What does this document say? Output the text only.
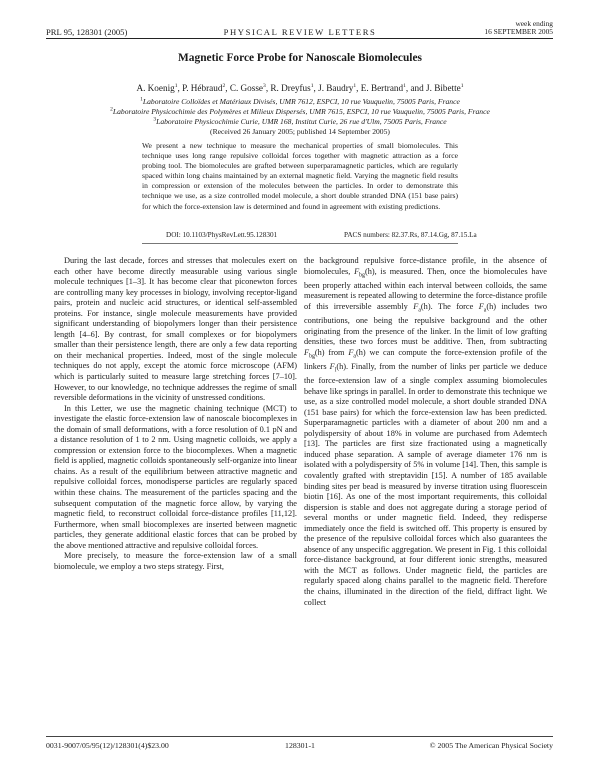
PRL 95, 128301 (2005)	PHYSICAL REVIEW LETTERS
week ending
16 SEPTEMBER 2005
Magnetic Force Probe for Nanoscale Biomolecules
A. Koenig$^1$, P. Hébraud$^2$, C. Gosse$^3$, R. Dreyfus$^1$, J. Baudry$^1$, E. Bertrand$^1$, and J. Bibette$^1$
$^1$Laboratoire Colloïdes et Matériaux Divisés, UMR 7612, ESPCI, 10 rue Vauquelin, 75005 Paris, France
$^2$Laboratoire Physicochimie des Polymères et Milieux Dispersés, UMR 7615, ESPCI, 10 rue Vauquelin, 75005 Paris, France
$^3$Laboratoire Physicochimie Curie, UMR 168, Institut Curie, 26 rue d'Ulm, 75005 Paris, France
(Received 26 January 2005; published 14 September 2005)
We present a new technique to measure the mechanical properties of small biomolecules. This technique uses long range repulsive colloidal forces together with magnetic attraction as a force probing tool. The biomolecules are grafted between superparamagnetic particles, which are regularly spaced within long chains maintained by an external magnetic field. Varying the magnetic field results in compression or extension of the molecules between the particles. In order to demonstrate this technique we use, as a size controlled model molecule, a short double stranded DNA (151 base pairs) for which the force-extension law is determined and found in agreement with existing predictions.
DOI: 10.1103/PhysRevLett.95.128301	PACS numbers: 82.37.Rs, 87.14.Gg, 87.15.La

During the last decade, forces and stresses that molecules exert on each other have become directly measurable using various single molecule techniques [1–3]. It has become clear that piconewton forces are controlling many key processes in biology, involving receptor-ligand pairs, protein and nucleic acid structures, or identical self-assembled proteins. For instance, single molecule measurements have provided significant understanding of biopolymers longer than their persistence length [4–6]. By contrast, for small complexes or for biopolymers smaller than their persistence length, there are only a few data reporting on their mechanical properties. Indeed, most of the single molecule techniques do not apply, except the atomic force microscope (AFM) which is particularly suited to measure large stretching forces [7–10]. However, to our knowledge, no technique addresses the regime of small reversible deformations in the vicinity of unstressed conditions.

In this Letter, we use the magnetic chaining technique (MCT) to investigate the elastic force-extension law of nanoscale biocomplexes in the domain of small deformations, with a force resolution of 0.1 pN and a distance resolution of 1 to 2 nm. Using magnetic colloids, we apply a compression or extension force to the biocomplexes. When a magnetic field is applied, magnetic colloids spontaneously self-organize into linear chains. As a result of the equilibrium between attractive magnetic and repulsive colloidal forces, monodisperse particles are regularly spaced within these chains. The measurement of the particles spacing and the subsequent computation of the magnetic force allow, by varying the magnetic field, to reconstruct colloidal force-distance profiles [11,12]. Furthermore, when small biocomplexes are inserted between magnetic particles, they generate additional elastic forces that can be probed by the above mentioned attractive and repulsive colloidal forces.

More precisely, to measure the force-extension law of a small biomolecule, we employ a two steps strategy. First,

the background repulsive force-distance profile, in the absence of biomolecules, $F_{bg}(h)$, is measured. Then, once the biomolecules have been properly attached within each interval between colloids, the same measurement is repeated allowing to determine the force-distance profile of this irreversible assembly $F_a(h)$. The force $F_a(h)$ includes two contributions, one being the repulsive background and the other originating from the presence of the linker. In the limit of low grafting densities, these two forces must be additive. Then, from subtracting $F_{bg}(h)$ from $F_a(h)$ we can compute the force-extension profile of the linkers $F_l(h)$. Finally, from the number of links per particle we deduce the force-extension law of a single complex assuming biomolecules behave like springs in parallel. In order to demonstrate this technique we use, as a size controlled model molecule, a short double stranded DNA (151 base pairs) for which the force-extension law has been predicted. Superparamagnetic particles with a diameter of about 200 nm and a polydispersity of about 18% in volume are purchased from Ademtech [13]. The particles are first size fractionated using a magnetically induced phase separation. A sample of average diameter 176 nm is isolated with a polydispersity of 5% in volume [14]. Then, this sample is covalently grafted with streptavidin [15]. A number of 185 available binding sites per bead is measured by inverse titration using fluorescein biotin [16]. As one of the most important requirements, this colloidal dispersion is stable and does not aggregate during a storage period of several months or under magnetic field. Indeed, they redisperse immediately once the field is switched off. This property is ensured by the presence of the repulsive colloidal forces which also guarantees the absence of any unspecific aggregation. We present in Fig. 1 this colloidal force-distance background, at four different ionic strengths, measured with the MCT as follows. Under magnetic field, the particles are regularly spaced along chains parallel to the magnetic field. Therefore the chains, illuminated in the direction of the field, diffract light. We collect

0031-9007/05/95(12)/128301(4)$23.00	128301-1	© 2005 The American Physical Society
